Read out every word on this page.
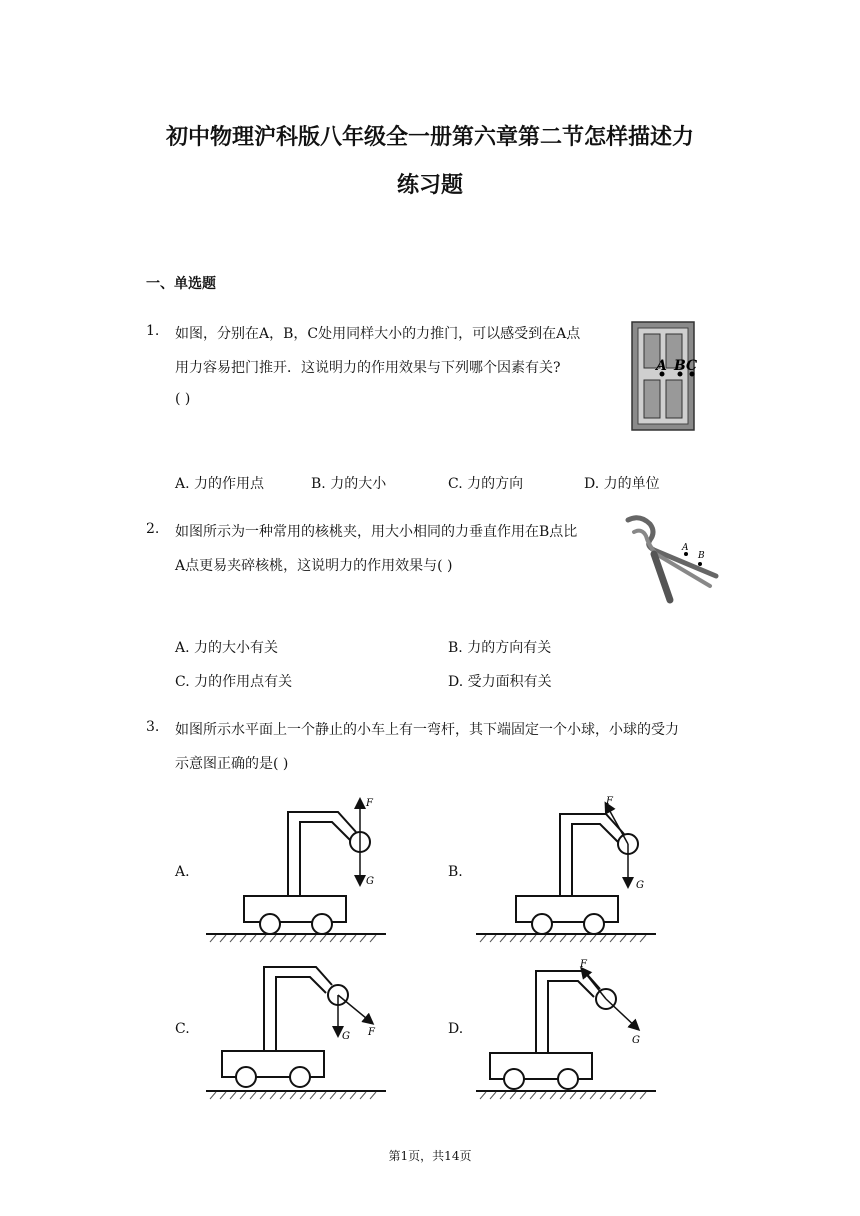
初中物理沪科版八年级全一册第六章第二节怎样描述力
练习题
一、单选题
1. 如图，分别在A，B，C处用同样大小的力推门，可以感受到在A点
用力容易把门推开．这说明力的作用效果与下列哪个因素有关?
( )
A B C
A. 力的作用点	B. 力的大小	C. 力的方向	D. 力的单位
2. 如图所示为一种常用的核桃夹，用大小相同的力垂直作用在B点比
A点更易夹碎核桃，这说明力的作用效果与( )
A
B
A. 力的大小有关	B. 力的方向有关
C. 力的作用点有关	D. 受力面积有关
3. 如图所示水平面上一个静止的小车上有一弯杆，其下端固定一个小球，小球的受力
示意图正确的是( )
A.	B.
C.	D.
F
G
F
G
G F
F
G
第1页，共14页
